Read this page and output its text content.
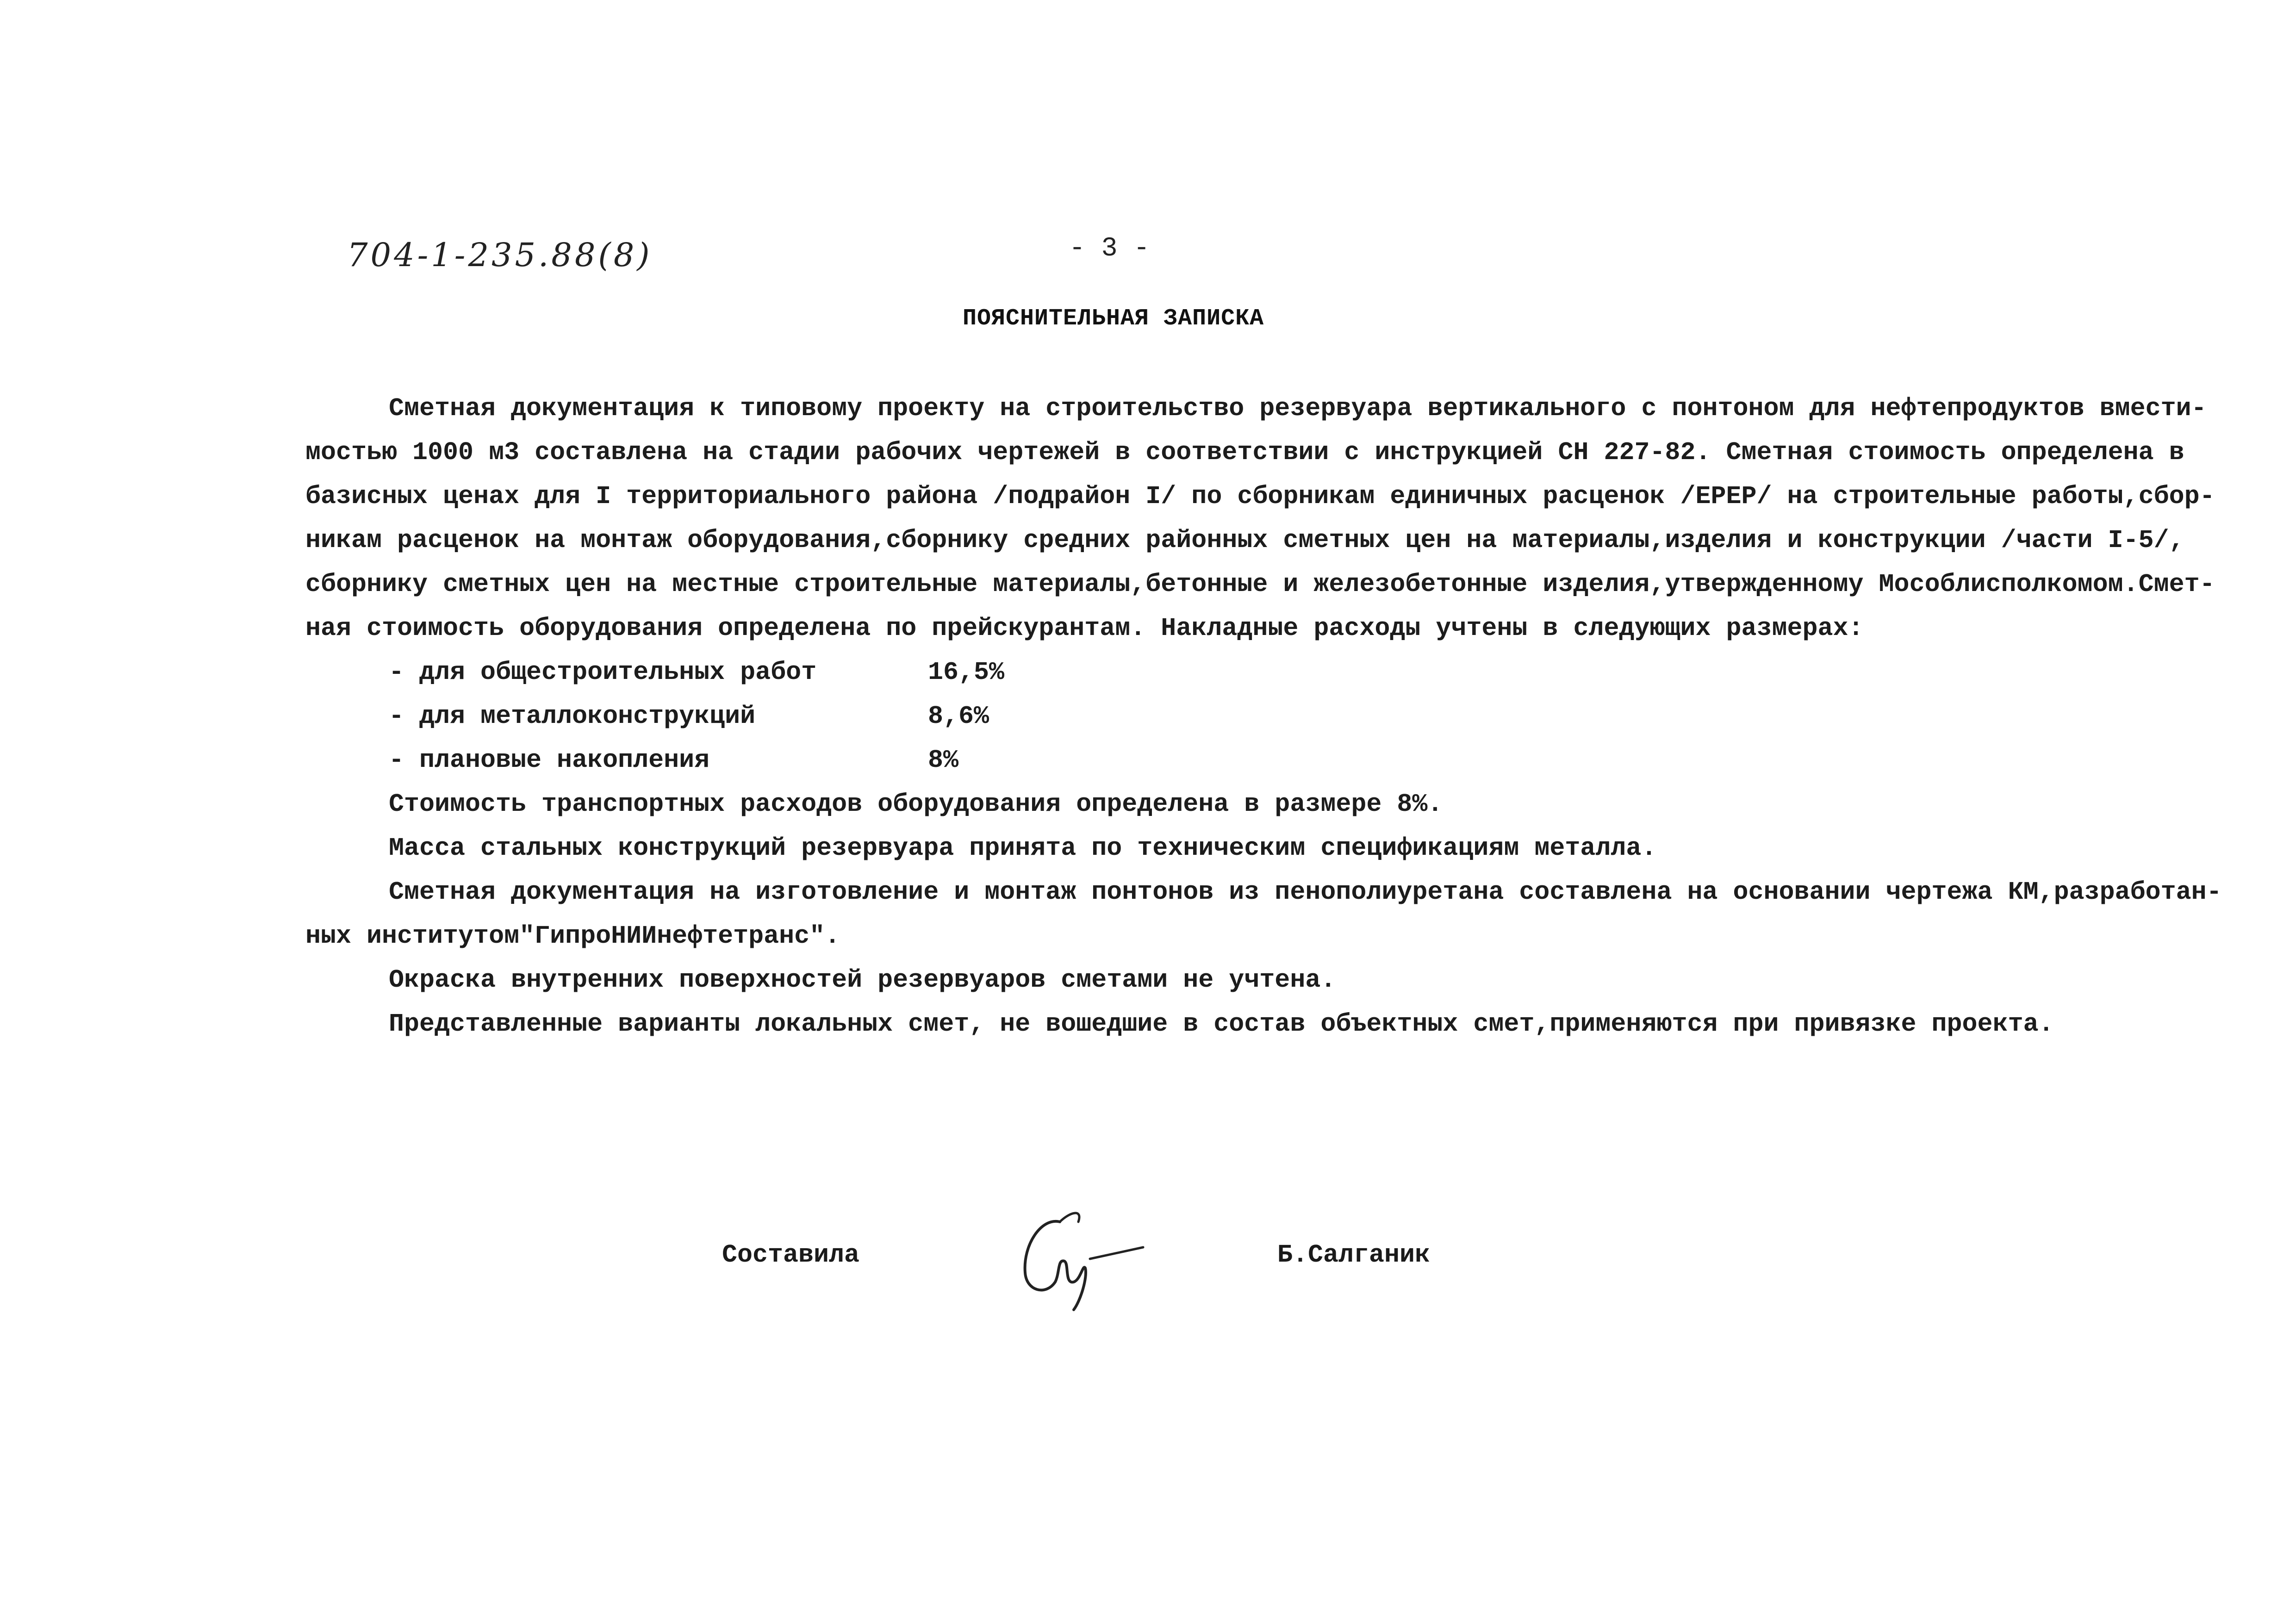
704-1-235.88(8)	- 3 -
ПОЯСНИТЕЛЬНАЯ ЗАПИСКА
Сметная документация к типовому проекту на строительство резервуара вертикального с понтоном для нефтепродуктов вмести-
мостью 1000 м3 составлена на стадии рабочих чертежей в соответствии с инструкцией СН 227-82. Сметная стоимость определена в
базисных ценах для I территориального района /подрайон I/ по сборникам единичных расценок /ЕРЕР/ на строительные работы,сбор-
никам расценок на монтаж оборудования,сборнику средних районных сметных цен на материалы,изделия и конструкции /части I-5/,
сборнику сметных цен на местные строительные материалы,бетонные и железобетонные изделия,утвержденному Мособлисполкомом.Смет-
ная стоимость оборудования определена по прейскурантам. Накладные расходы учтены в следующих размерах:
- для общестроительных работ	16,5%
- для металлоконструкций	8,6%
- плановые накопления	8%
Стоимость транспортных расходов оборудования определена в размере 8%.
Масса стальных конструкций резервуара принята по техническим спецификациям металла.
Сметная документация на изготовление и монтаж понтонов из пенополиуретана составлена на основании чертежа КМ,разработан-
ных институтом"ГипроНИИнефтетранс".
Окраска внутренних поверхностей резервуаров сметами не учтена.
Представленные варианты локальных смет, не вошедшие в состав объектных смет,применяются при привязке проекта.
Составила	Б.Салганик
